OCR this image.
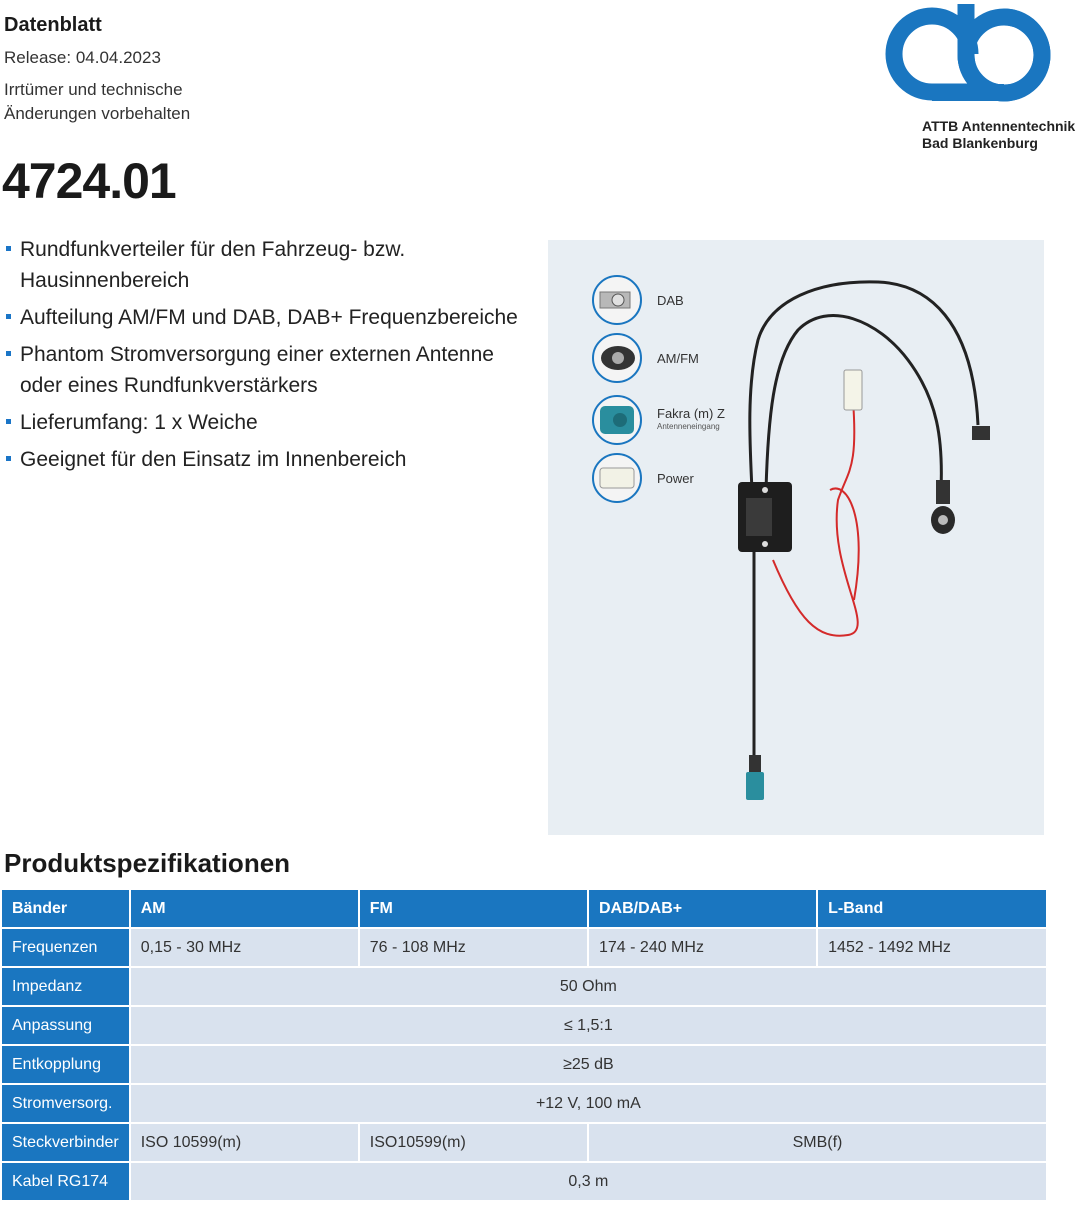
Datenblatt
Release: 04.04.2023
Irrtümer und technische Änderungen vorbehalten
4724.01
ATTB Antennentechnik
Bad Blankenburg
Rundfunkverteiler für den Fahrzeug- bzw. Hausinnenbereich
Aufteilung AM/FM und DAB, DAB+ Frequenzbereiche
Phantom Stromversorgung einer externen Antenne oder eines Rundfunkverstärkers
Lieferumfang: 1 x Weiche
Geeignet für den Einsatz im Innenbereich
DAB
AM/FM
Fakra (m) Z
Antenneneingang
Power
Produktspezifikationen
Bänder	AM	FM	DAB/DAB+	L-Band
Frequenzen	0,15 - 30 MHz	76 - 108 MHz	174 - 240 MHz	1452 - 1492 MHz
Impedanz	50 Ohm			
Anpassung	≤ 1,5:1			
Entkopplung	≥25 dB			
Stromversorg.	+12 V, 100 mA			
Steckverbinder	ISO 10599(m)	ISO10599(m)	SMB(f)	
Kabel RG174	0,3 m			
